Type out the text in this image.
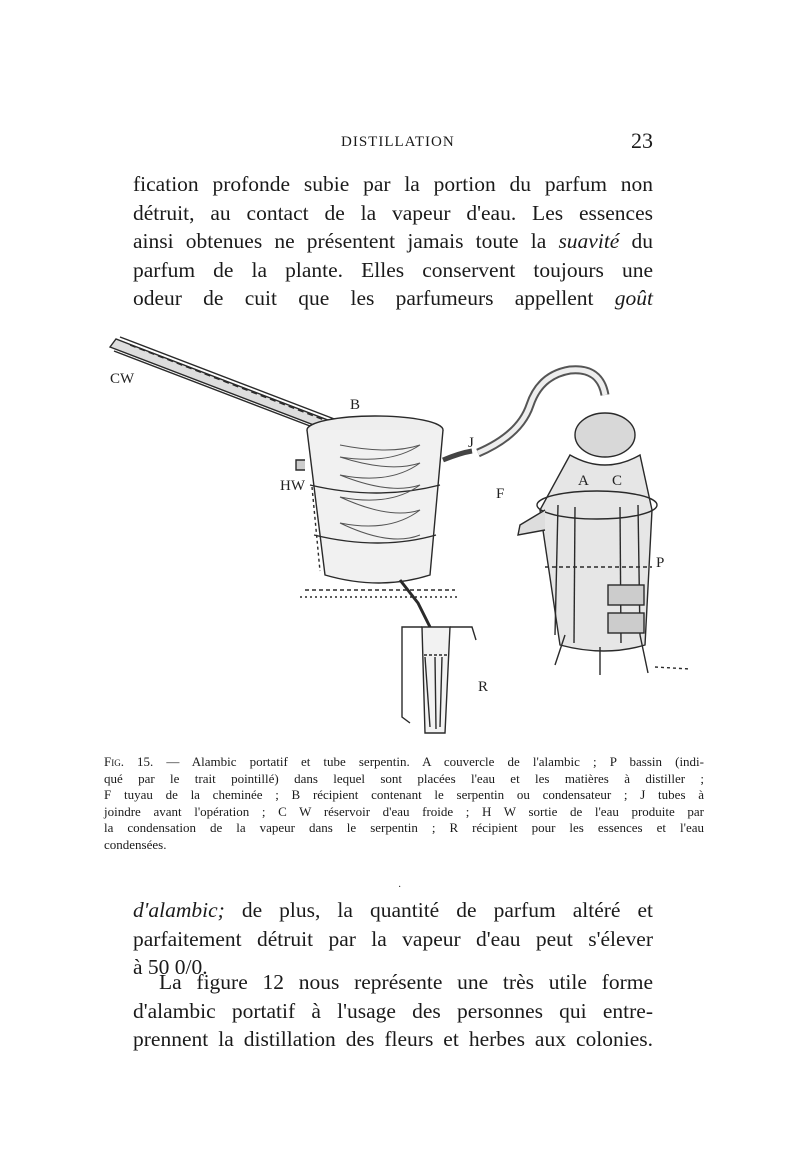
DISTILLATION	23

fication profonde subie par la portion du parfum non
détruit, au contact de la vapeur d'eau. Les essences
ainsi obtenues ne présentent jamais toute la suavité du
parfum de la plante. Elles conservent toujours une
odeur de cuit que les parfumeurs appellent goût

CW
B
J
HW	F
A C
P
R
Fig. 15. — Alambic portatif et tube serpentin. A couvercle de l'alambic ; P bassin (indi-
qué par le trait pointillé) dans lequel sont placées l'eau et les matières à distiller ;
F tuyau de la cheminée ; B récipient contenant le serpentin ou condensateur ; J tubes à
joindre avant l'opération ; C W réservoir d'eau froide ; H W sortie de l'eau produite par
la condensation de la vapeur dans le serpentin ; R récipient pour les essences et l'eau
condensées.
·

d'alambic; de plus, la quantité de parfum altéré et
parfaitement détruit par la vapeur d'eau peut s'élever
à 50 0/0.

La figure 12 nous représente une très utile forme
d'alambic portatif à l'usage des personnes qui entre-
prennent la distillation des fleurs et herbes aux colonies.
